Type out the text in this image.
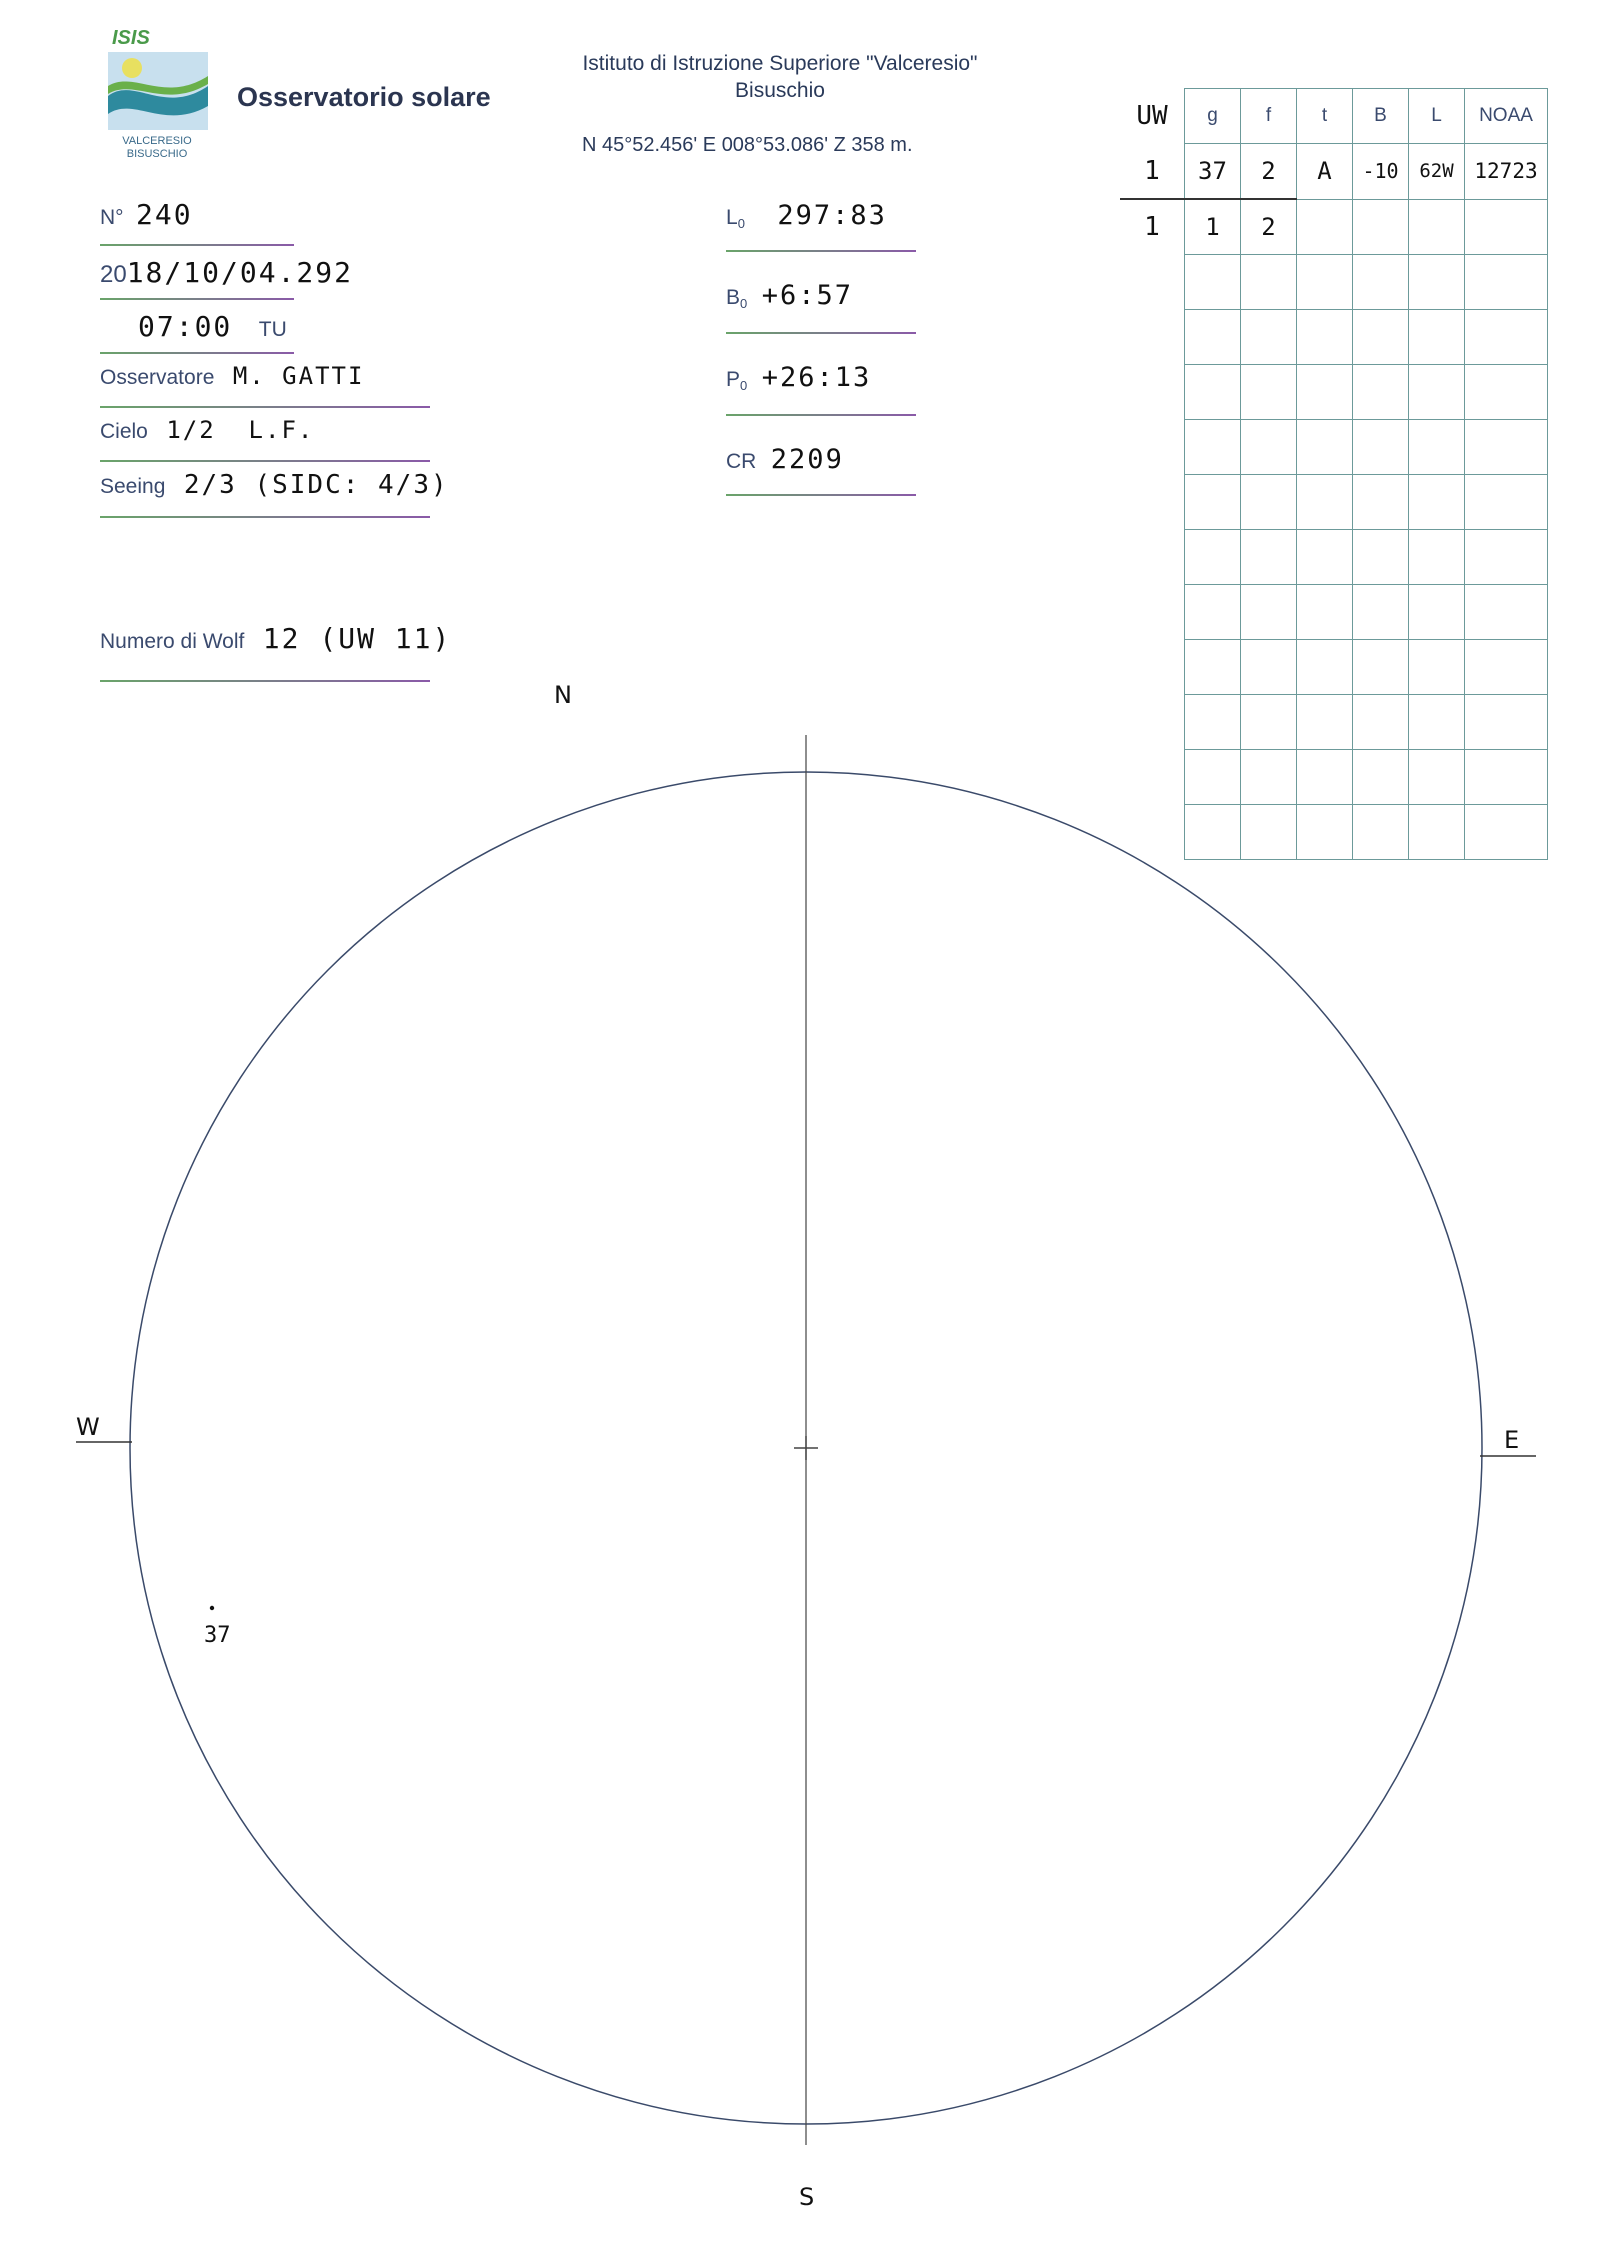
ISIS
VALCERESIO
BISUSCHIO
Osservatorio solare
Istituto di Istruzione Superiore "Valceresio"
Bisuschio
N 45°52.456' E 008°53.086' Z 358 m.
N° 240
2018/10/04.292
07:00 TU
Osservatore M. GATTI
Cielo 1/2  L.F.
Seeing 2/3 (SIDC: 4/3)
Numero di Wolf 12 (UW 11)
$L_0$ 297:83
$B_0$ +6:57
$P_0$ +26:13
CR 2209
UW	g	f	t	B	L	NOAA
1	37	2	A	-10	62W	12723
1	1	2				

N
S
E
W
37
